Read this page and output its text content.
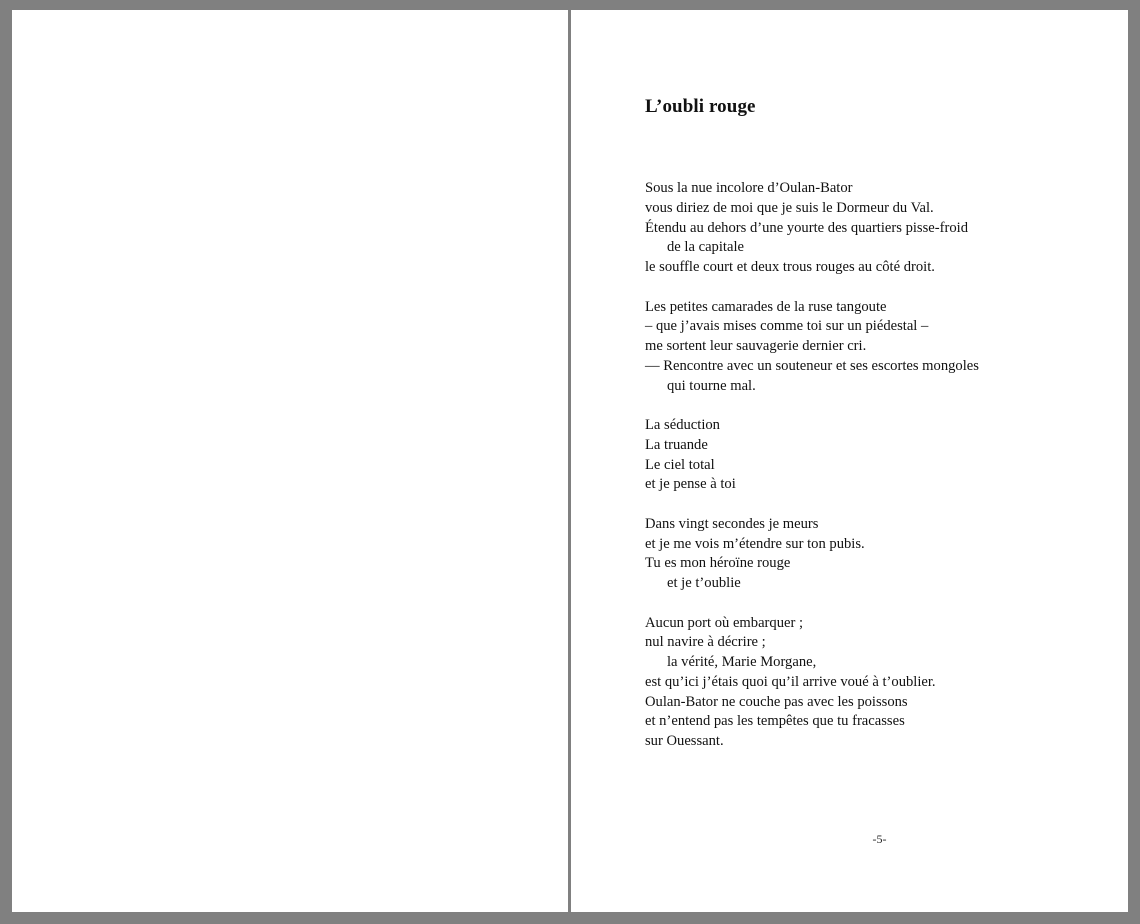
L’oubli rouge

Sous la nue incolore d’Oulan-Bator
vous diriez de moi que je suis le Dormeur du Val.
Étendu au dehors d’une yourte des quartiers pisse-froid
de la capitale
le souffle court et deux trous rouges au côté droit.

Les petites camarades de la ruse tangoute
– que j’avais mises comme toi sur un piédestal –
me sortent leur sauvagerie dernier cri.
— Rencontre avec un souteneur et ses escortes mongoles
qui tourne mal.

La séduction
La truande
Le ciel total
et je pense à toi

Dans vingt secondes je meurs
et je me vois m’étendre sur ton pubis.
Tu es mon héroïne rouge
et je t’oublie

Aucun port où embarquer ;
nul navire à décrire ;
la vérité, Marie Morgane,
est qu’ici j’étais quoi qu’il arrive voué à t’oublier.
Oulan-Bator ne couche pas avec les poissons
et n’entend pas les tempêtes que tu fracasses
sur Ouessant.

-5-
